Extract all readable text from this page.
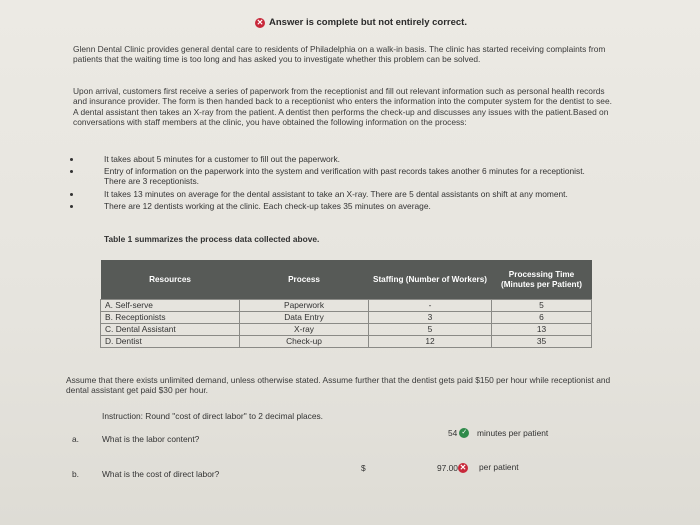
✕ Answer is complete but not entirely correct.
Glenn Dental Clinic provides general dental care to residents of Philadelphia on a walk-in basis. The clinic has started receiving complaints from patients that the waiting time is too long and has asked you to investigate whether this problem can be solved.
Upon arrival, customers first receive a series of paperwork from the receptionist and fill out relevant information such as personal health records and insurance provider. The form is then handed back to a receptionist who enters the information into the computer system for the dentist to see. A dental assistant then takes an X-ray from the patient. A dentist then performs the check-up and discusses any issues with the patient.Based on conversations with staff members at the clinic, you have obtained the following information on the process:
It takes about 5 minutes for a customer to fill out the paperwork.
Entry of information on the paperwork into the system and verification with past records takes another 6 minutes for a receptionist. There are 3 receptionists.
It takes 13 minutes on average for the dental assistant to take an X-ray. There are 5 dental assistants on shift at any moment.
There are 12 dentists working at the clinic. Each check-up takes 35 minutes on average.
Table 1 summarizes the process data collected above.
Resources	Process	Staffing (Number of Workers)	Processing Time (Minutes per Patient)
A. Self-serve	Paperwork	-	5
B. Receptionists	Data Entry	3	6
C. Dental Assistant	X-ray	5	13
D. Dentist	Check-up	12	35
Assume that there exists unlimited demand, unless otherwise stated. Assume further that the dentist gets paid $150 per hour while receptionist and dental assistant get paid $30 per hour.
Instruction: Round "cost of direct labor" to 2 decimal places.
a.	What is the labor content?
54 ✓ minutes per patient
b.	What is the cost of direct labor?
$	97.00 ✕ per patient
